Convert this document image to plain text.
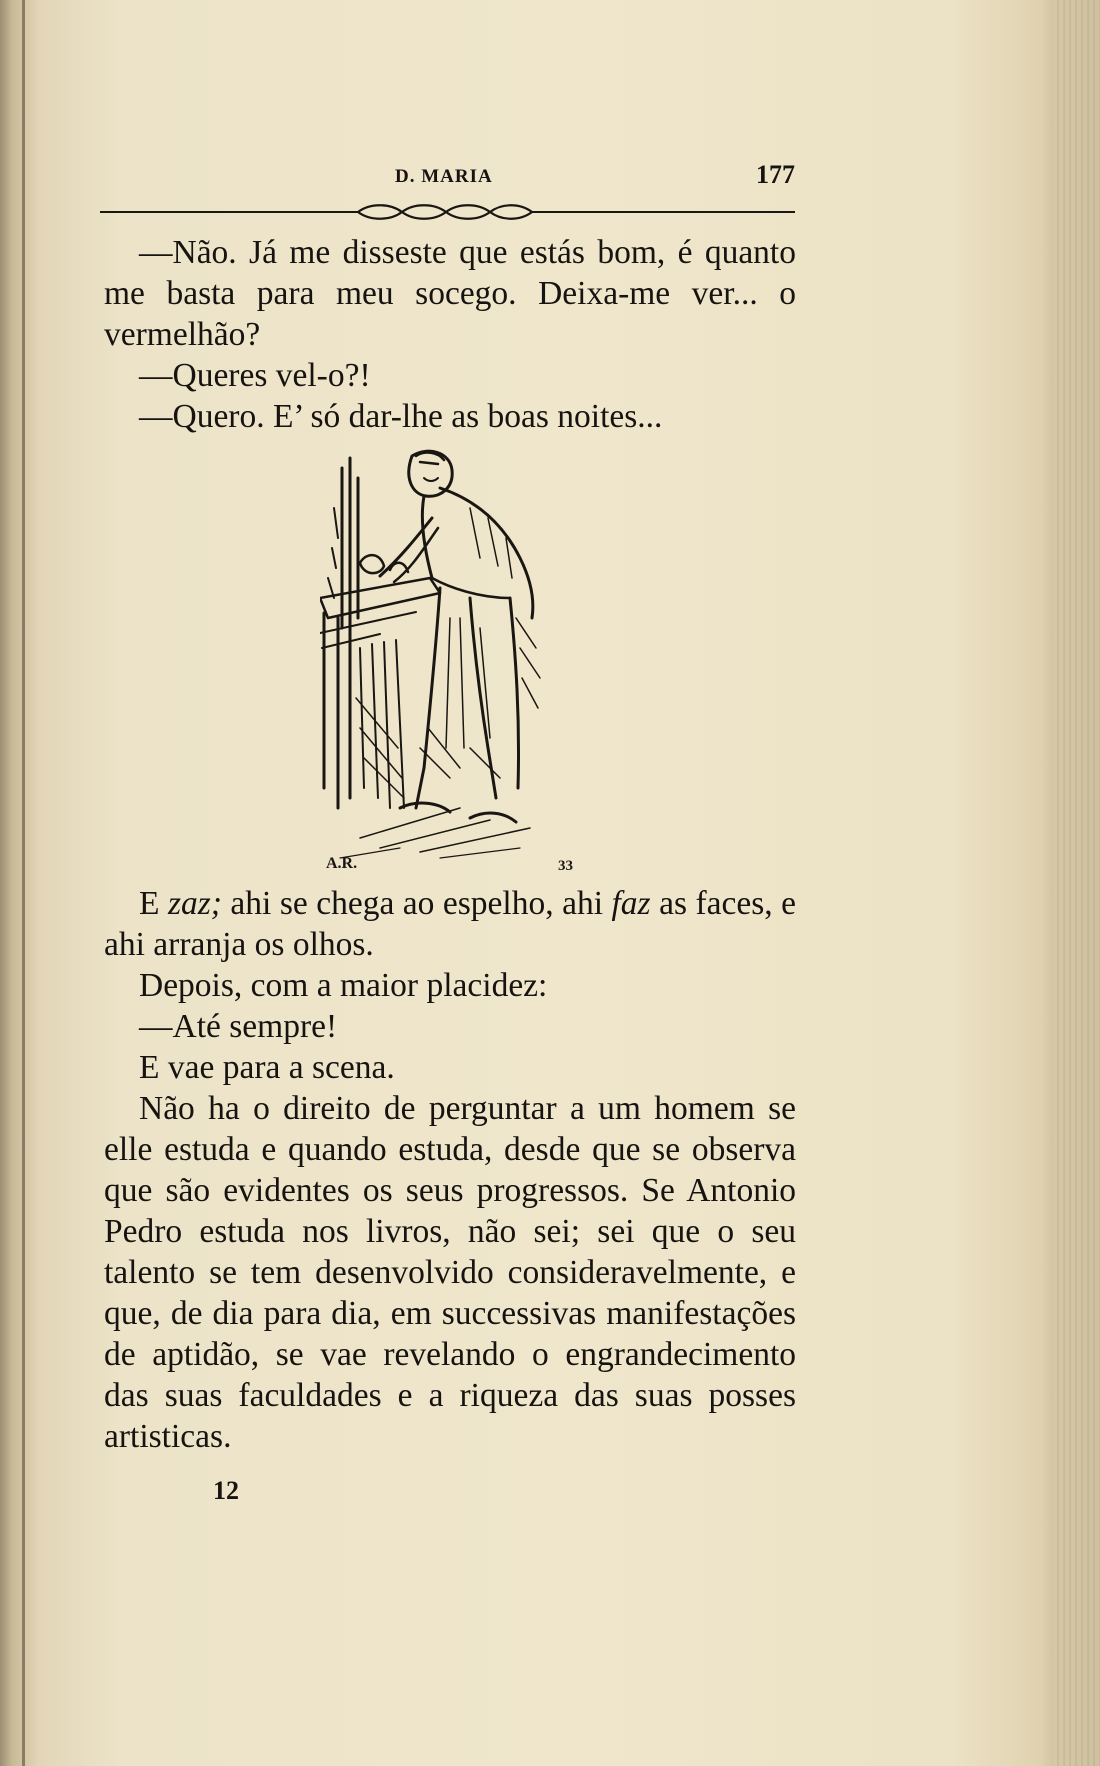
D. MARIA	177

—Não. Já me disseste que estás bom, é quanto me basta para meu socego. Deixa-me ver... o vermelhão?

—Queres vel-o?!

—Quero. E’ só dar-lhe as boas noites...

A.R.	33

E zaz; ahi se chega ao espelho, ahi faz as faces, e ahi arranja os olhos.

Depois, com a maior placidez:

—Até sempre!

E vae para a scena.

Não ha o direito de perguntar a um homem se elle estuda e quando estuda, desde que se observa que são evidentes os seus progressos. Se Antonio Pedro estuda nos livros, não sei; sei que o seu talento se tem desenvolvido consideravelmente, e que, de dia para dia, em successivas manifestações de aptidão, se vae revelando o engrandecimento das suas faculdades e a riqueza das suas posses artisticas.

12
